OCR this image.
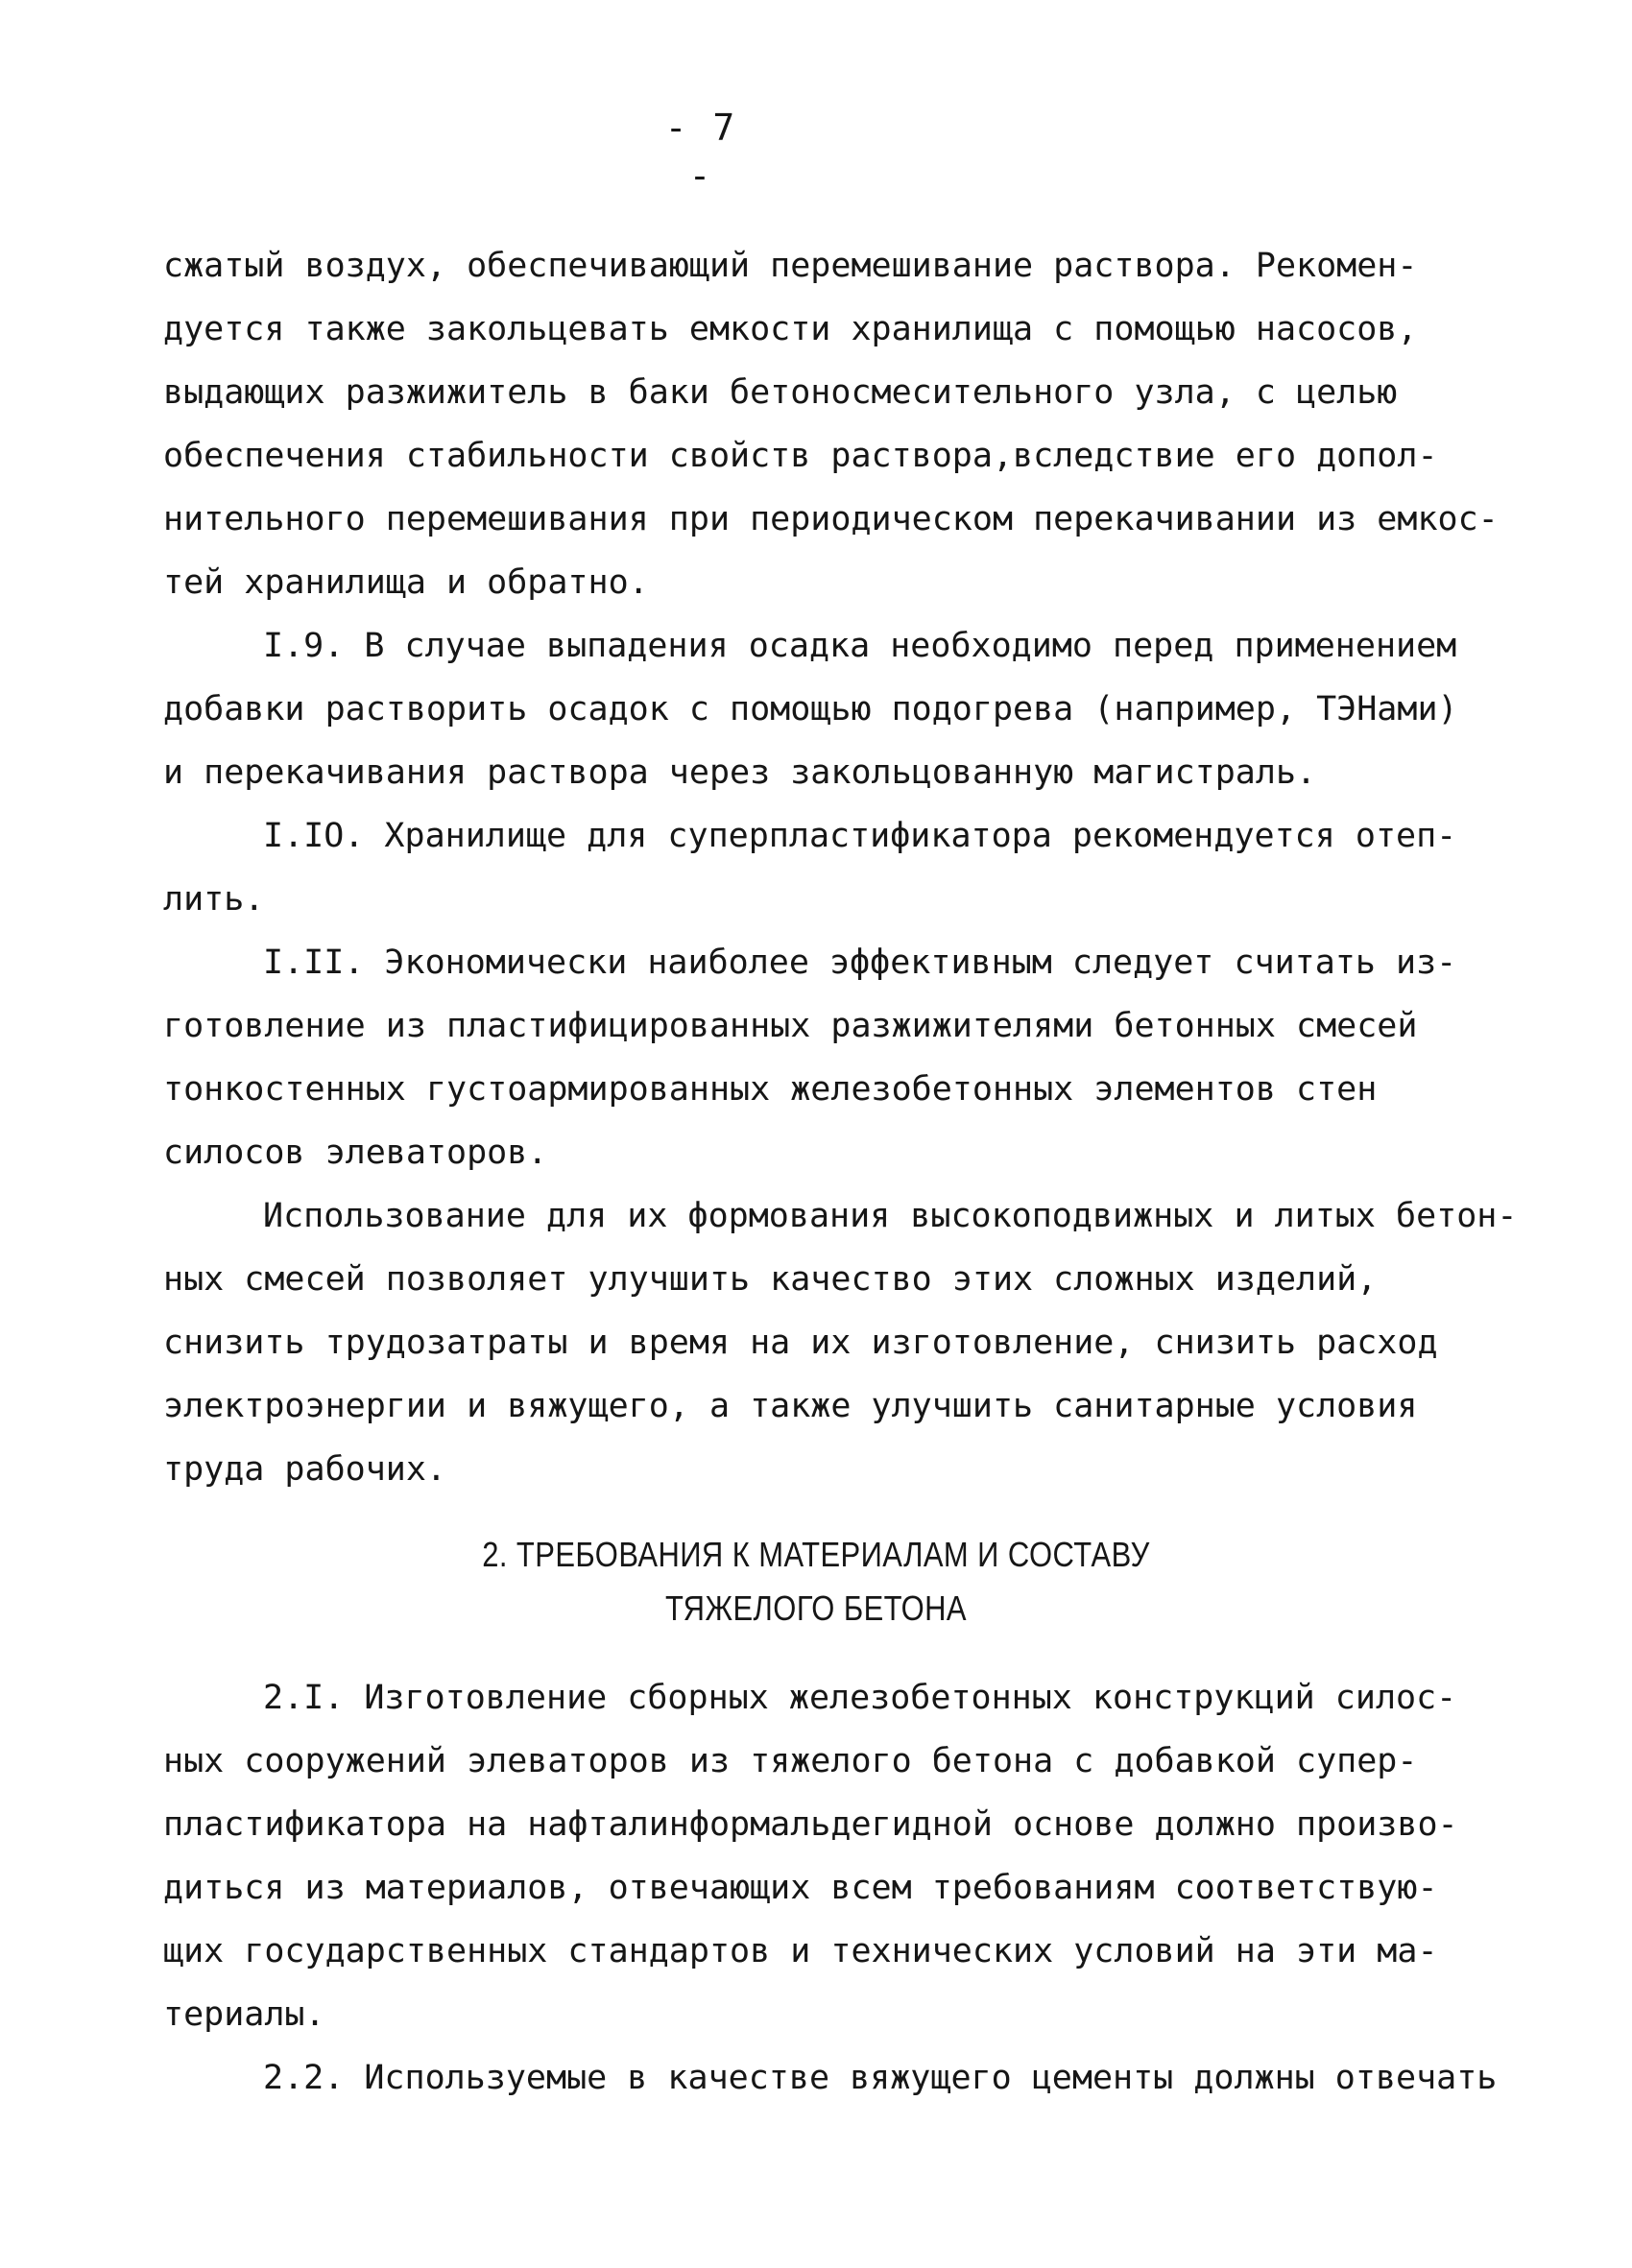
- 7 -
сжатый воздух, обеспечивающий перемешивание раствора. Рекомен-
дуется также закольцевать емкости хранилища с помощью насосов,
выдающих разжижитель в баки бетоносмесительного узла, с целью
обеспечения стабильности свойств раствора,вследствие его допол-
нительного перемешивания при периодическом перекачивании из емкос-
тей хранилища и обратно.
I.9. В случае выпадения осадка необходимо перед применением
добавки растворить осадок с помощью подогрева (например, ТЭНами)
и перекачивания раствора через закольцованную магистраль.
I.IO. Хранилище для суперпластификатора рекомендуется отеп-
лить.
I.II. Экономически наиболее эффективным следует считать из-
готовление из пластифицированных разжижителями бетонных смесей
тонкостенных густоармированных железобетонных элементов стен
силосов элеваторов.
Использование для их формования высокоподвижных и литых бетон-
ных смесей позволяет улучшить качество этих сложных изделий,
снизить трудозатраты и время на их изготовление, снизить расход
электроэнергии и вяжущего, а также улучшить санитарные условия
труда рабочих.
2. ТРЕБОВАНИЯ К МАТЕРИАЛАМ И СОСТАВУ
ТЯЖЕЛОГО БЕТОНА
2.I. Изготовление сборных железобетонных конструкций силос-
ных сооружений элеваторов из тяжелого бетона с добавкой супер-
пластификатора на нафталинформальдегидной основе должно произво-
диться из материалов, отвечающих всем требованиям соответствую-
щих государственных стандартов и технических условий на эти ма-
териалы.
2.2. Используемые в качестве вяжущего цементы должны отвечать
